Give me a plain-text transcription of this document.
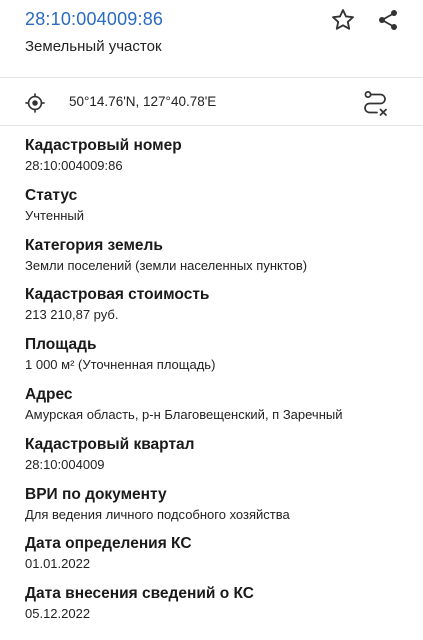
28:10:004009:86
Земельный участок
50°14.76'N, 127°40.78'E
Кадастровый номер
28:10:004009:86
Статус
Учтенный
Категория земель
Земли поселений (земли населенных пунктов)
Кадастровая стоимость
213 210,87 руб.
Площадь
1 000 м² (Уточненная площадь)
Адрес
Амурская область, р-н Благовещенский, п Заречный
Кадастровый квартал
28:10:004009
ВРИ по документу
Для ведения личного подсобного хозяйства
Дата определения КС
01.01.2022
Дата внесения сведений о КС
05.12.2022
